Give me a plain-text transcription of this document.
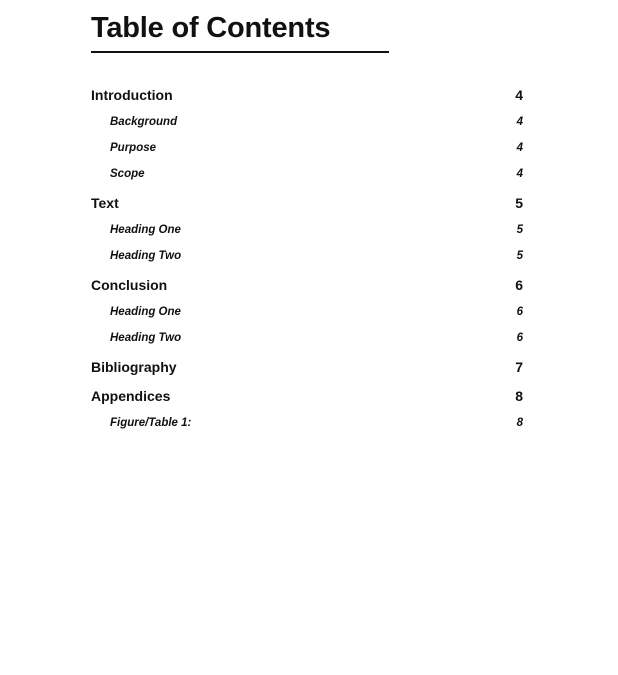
Table of Contents
Introduction	4
Background	4
Purpose	4
Scope	4
Text	5
Heading One	5
Heading Two	5
Conclusion	6
Heading One	6
Heading Two	6
Bibliography	7
Appendices	8
Figure/Table 1:	8
